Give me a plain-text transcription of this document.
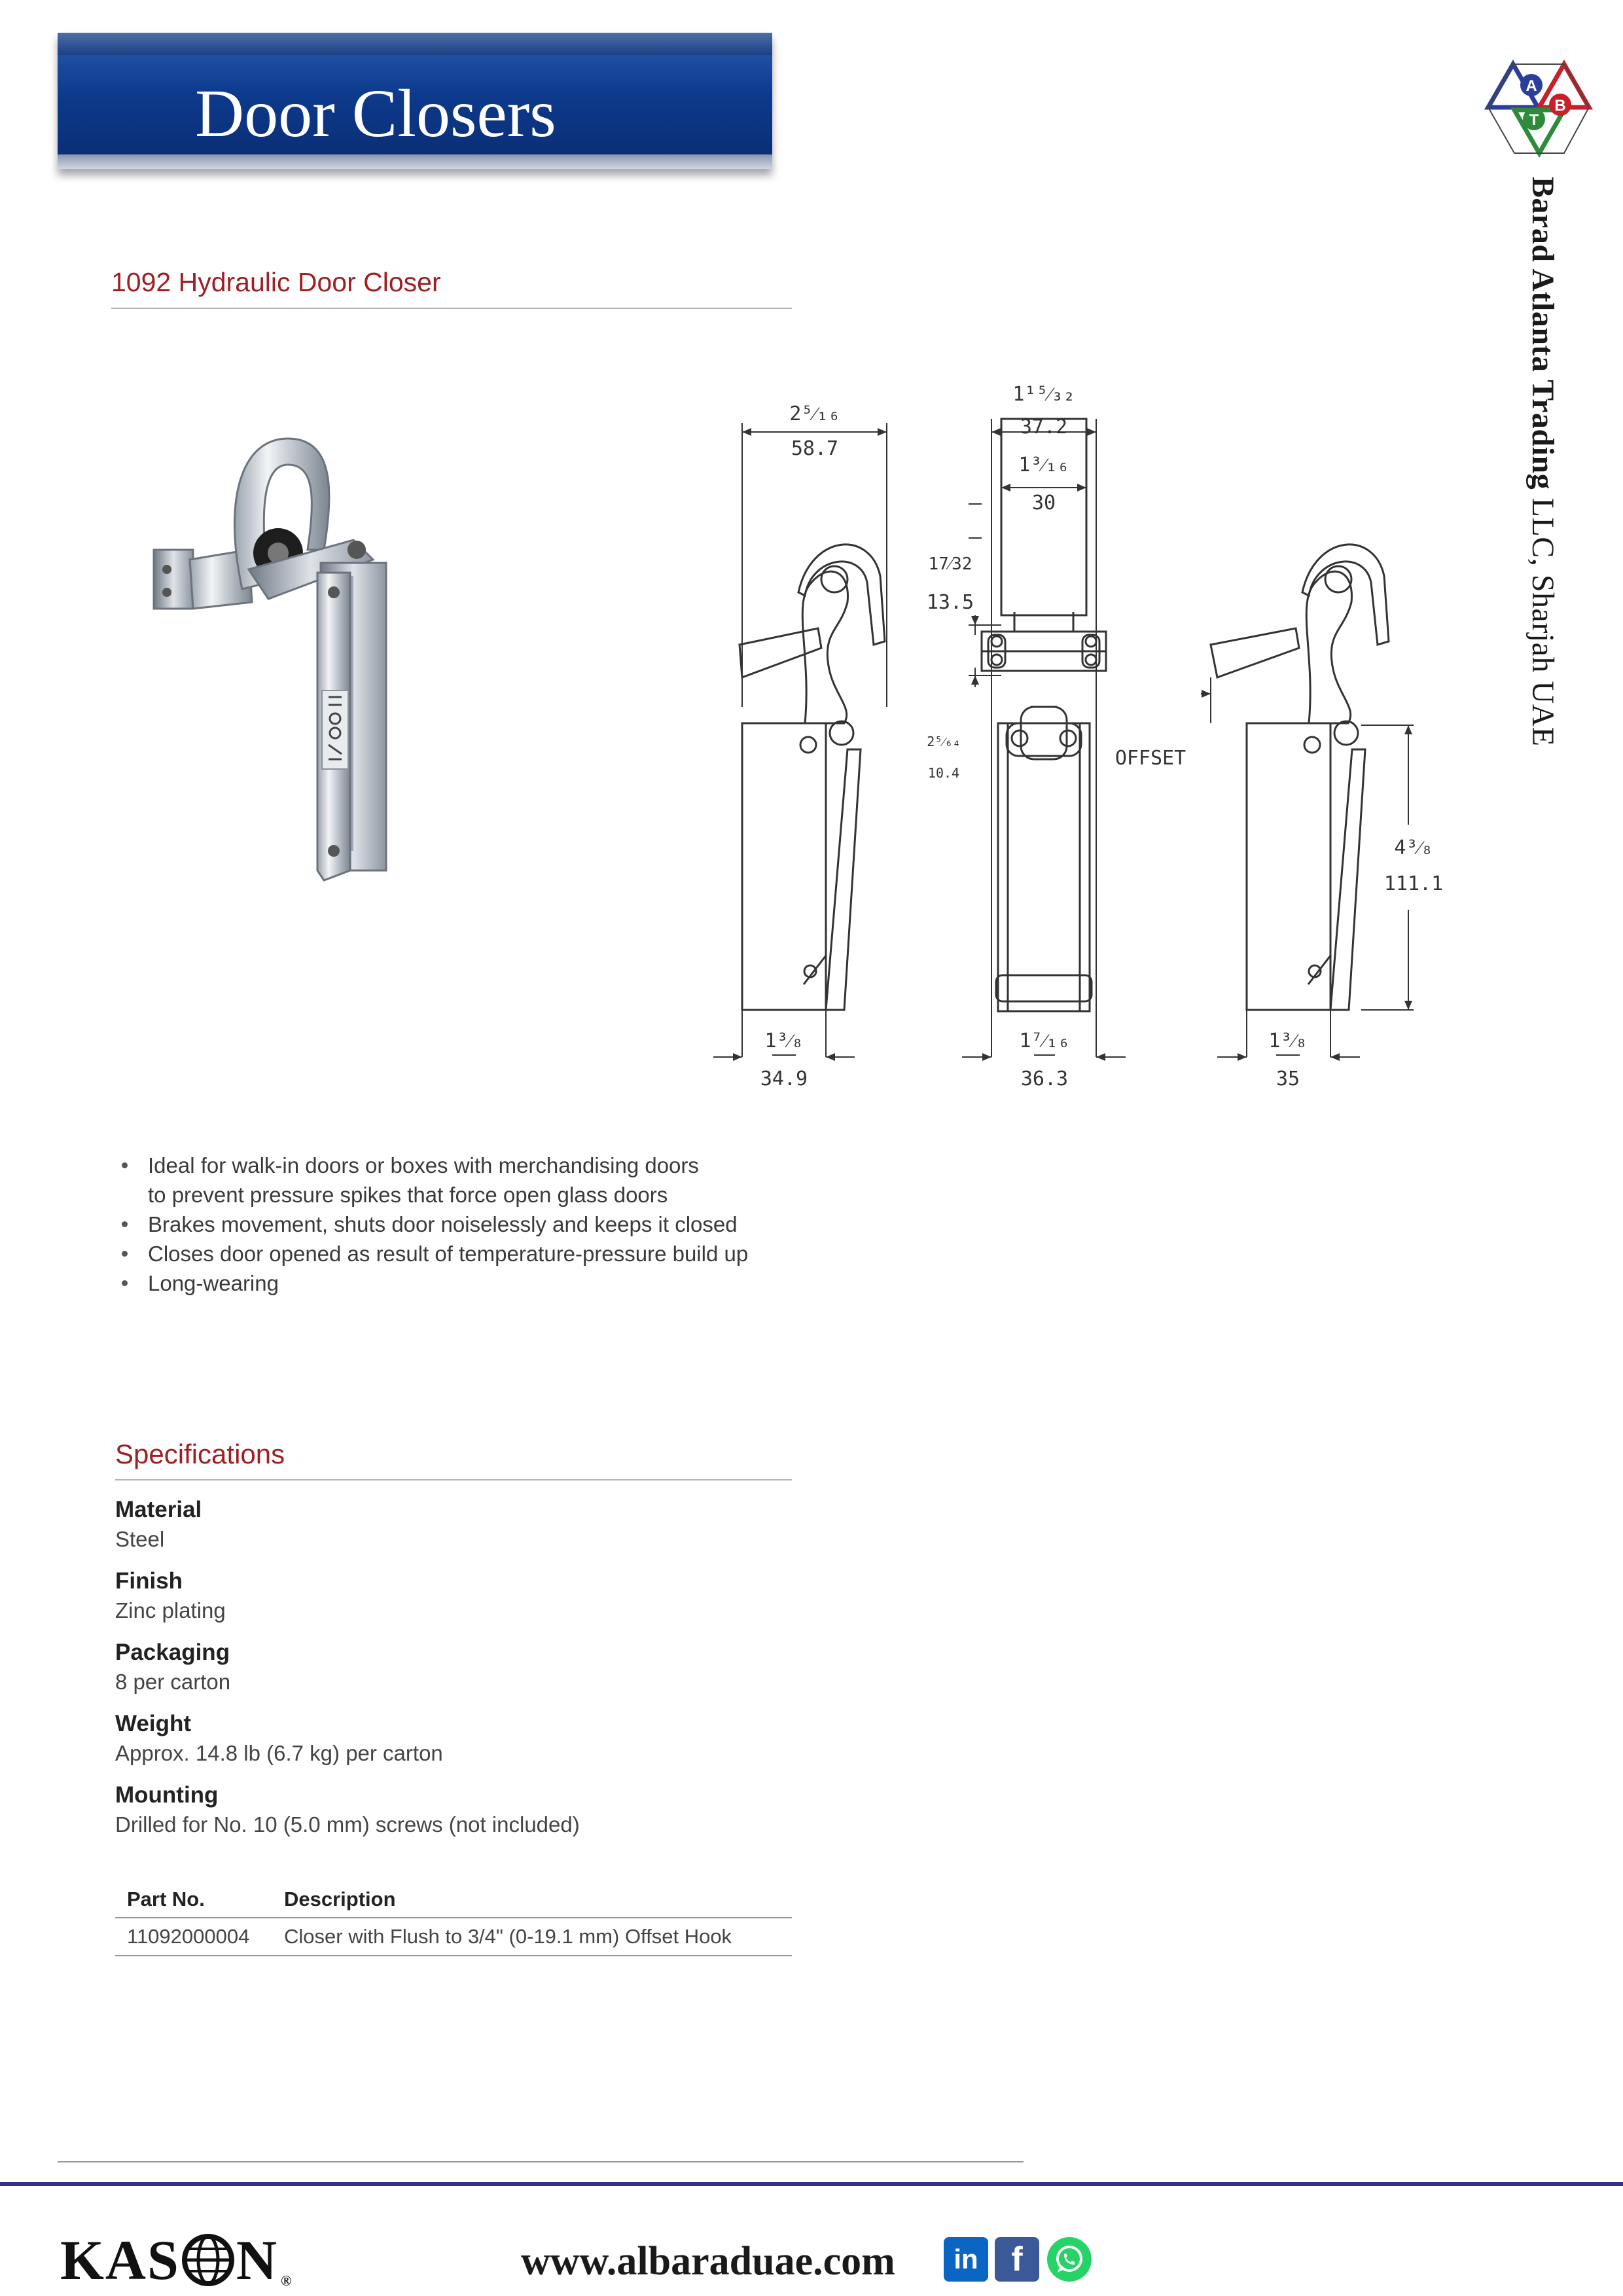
Door Closers	A
B
T
Barad Atlanta Trading LLC, Sharjah UAE
1092 Hydraulic Door Closer
2⁵⁄₁₆
58.7
1¹⁵⁄₃₂
37.2
1³⁄₁₆
30
17⁄32
13.5
2⁵⁄₆₄
10.4
OFFSET
4³⁄₈
111.1
1³⁄₈
34.9
1⁷⁄₁₆
36.3
1³⁄₈
35
Ideal for walk-in doors or boxes with merchandising doors
to prevent pressure spikes that force open glass doors
Brakes movement, shuts door noiselessly and keeps it closed
Closes door opened as result of temperature-pressure build up
Long-wearing
Specifications
Material
Steel
Finish
Zinc plating
Packaging
8 per carton
Weight
Approx. 14.8 lb (6.7 kg) per carton
Mounting
Drilled for No. 10 (5.0 mm) screws (not included)
Part No.	Description
11092000004	Closer with Flush to 3/4" (0-19.1 mm) Offset Hook
KAS N ®	www.albaraduae.com	in f
